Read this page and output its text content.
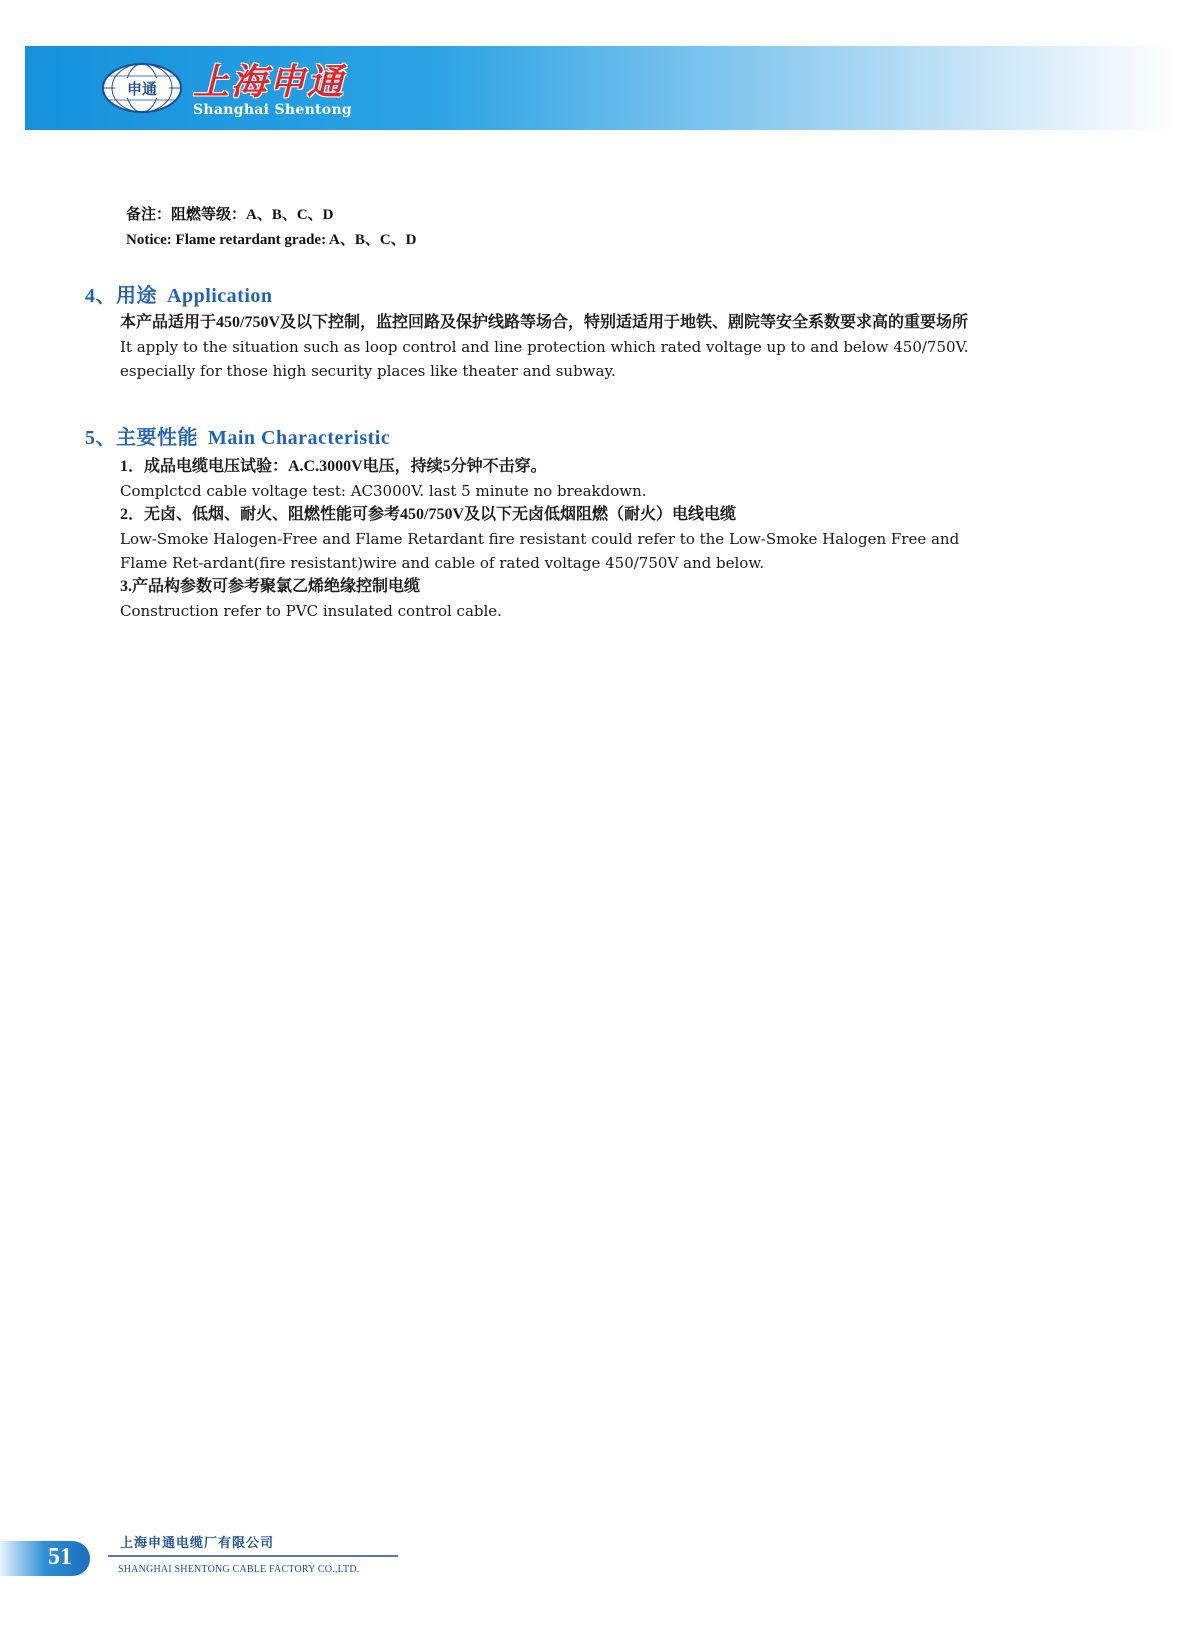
申通 上海申通
Shanghai Shentong
备注：阻燃等级：A、B、C、D
Notice: Flame retardant grade: A、B、C、D
4、用途 Application
本产品适用于450/750V及以下控制，监控回路及保护线路等场合，特别适适用于地铁、剧院等安全系数要求高的重要场所
It apply to the situation such as loop control and line protection which rated voltage up to and below 450/750V.
especially for those high security places like theater and subway.
5、主要性能 Main Characteristic
1．成品电缆电压试验：A.C.3000V电压，持续5分钟不击穿。
Complctcd cable voltage test: AC3000V. last 5 minute no breakdown.
2．无卤、低烟、耐火、阻燃性能可参考450/750V及以下无卤低烟阻燃（耐火）电线电缆
Low-Smoke Halogen-Free and Flame Retardant fire resistant could refer to the Low-Smoke Halogen Free and
Flame Ret-ardant(fire resistant)wire and cable of rated voltage 450/750V and below.
3.产品构参数可参考聚氯乙烯绝缘控制电缆
Construction refer to PVC insulated control cable.
51
上海申通电缆厂有限公司
SHANGHAI SHENTONG CABLE FACTORY CO.,LTD.
